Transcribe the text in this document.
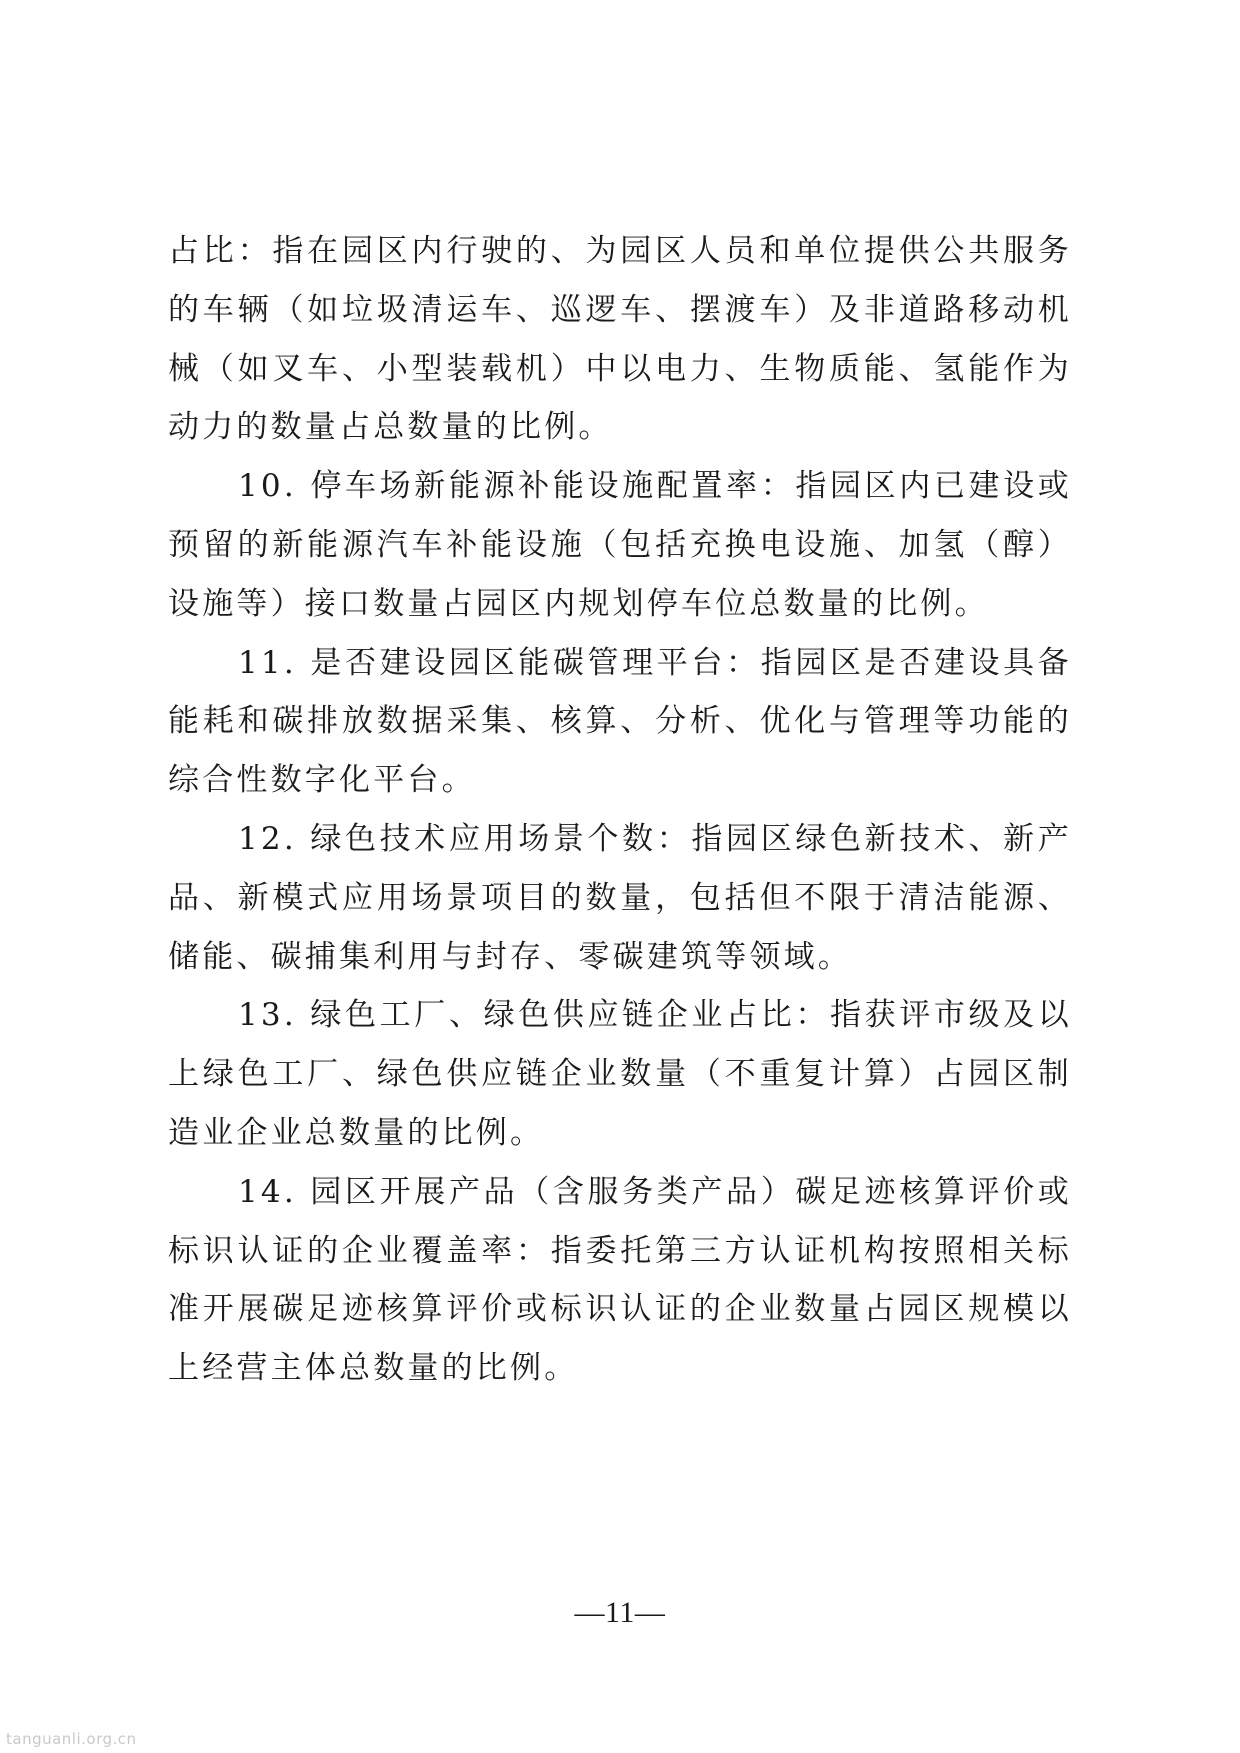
占比：指在园区内行驶的、为园区人员和单位提供公共服务的车辆（如垃圾清运车、巡逻车、摆渡车）及非道路移动机械（如叉车、小型装载机）中以电力、生物质能、氢能作为动力的数量占总数量的比例。

10. 停车场新能源补能设施配置率：指园区内已建设或预留的新能源汽车补能设施（包括充换电设施、加氢（醇）设施等）接口数量占园区内规划停车位总数量的比例。

11. 是否建设园区能碳管理平台：指园区是否建设具备能耗和碳排放数据采集、核算、分析、优化与管理等功能的综合性数字化平台。

12. 绿色技术应用场景个数：指园区绿色新技术、新产品、新模式应用场景项目的数量，包括但不限于清洁能源、储能、碳捕集利用与封存、零碳建筑等领域。

13. 绿色工厂、绿色供应链企业占比：指获评市级及以上绿色工厂、绿色供应链企业数量（不重复计算）占园区制造业企业总数量的比例。

14. 园区开展产品（含服务类产品）碳足迹核算评价或标识认证的企业覆盖率：指委托第三方认证机构按照相关标准开展碳足迹核算评价或标识认证的企业数量占园区规模以上经营主体总数量的比例。

—11—
tanguanli.org.cn
